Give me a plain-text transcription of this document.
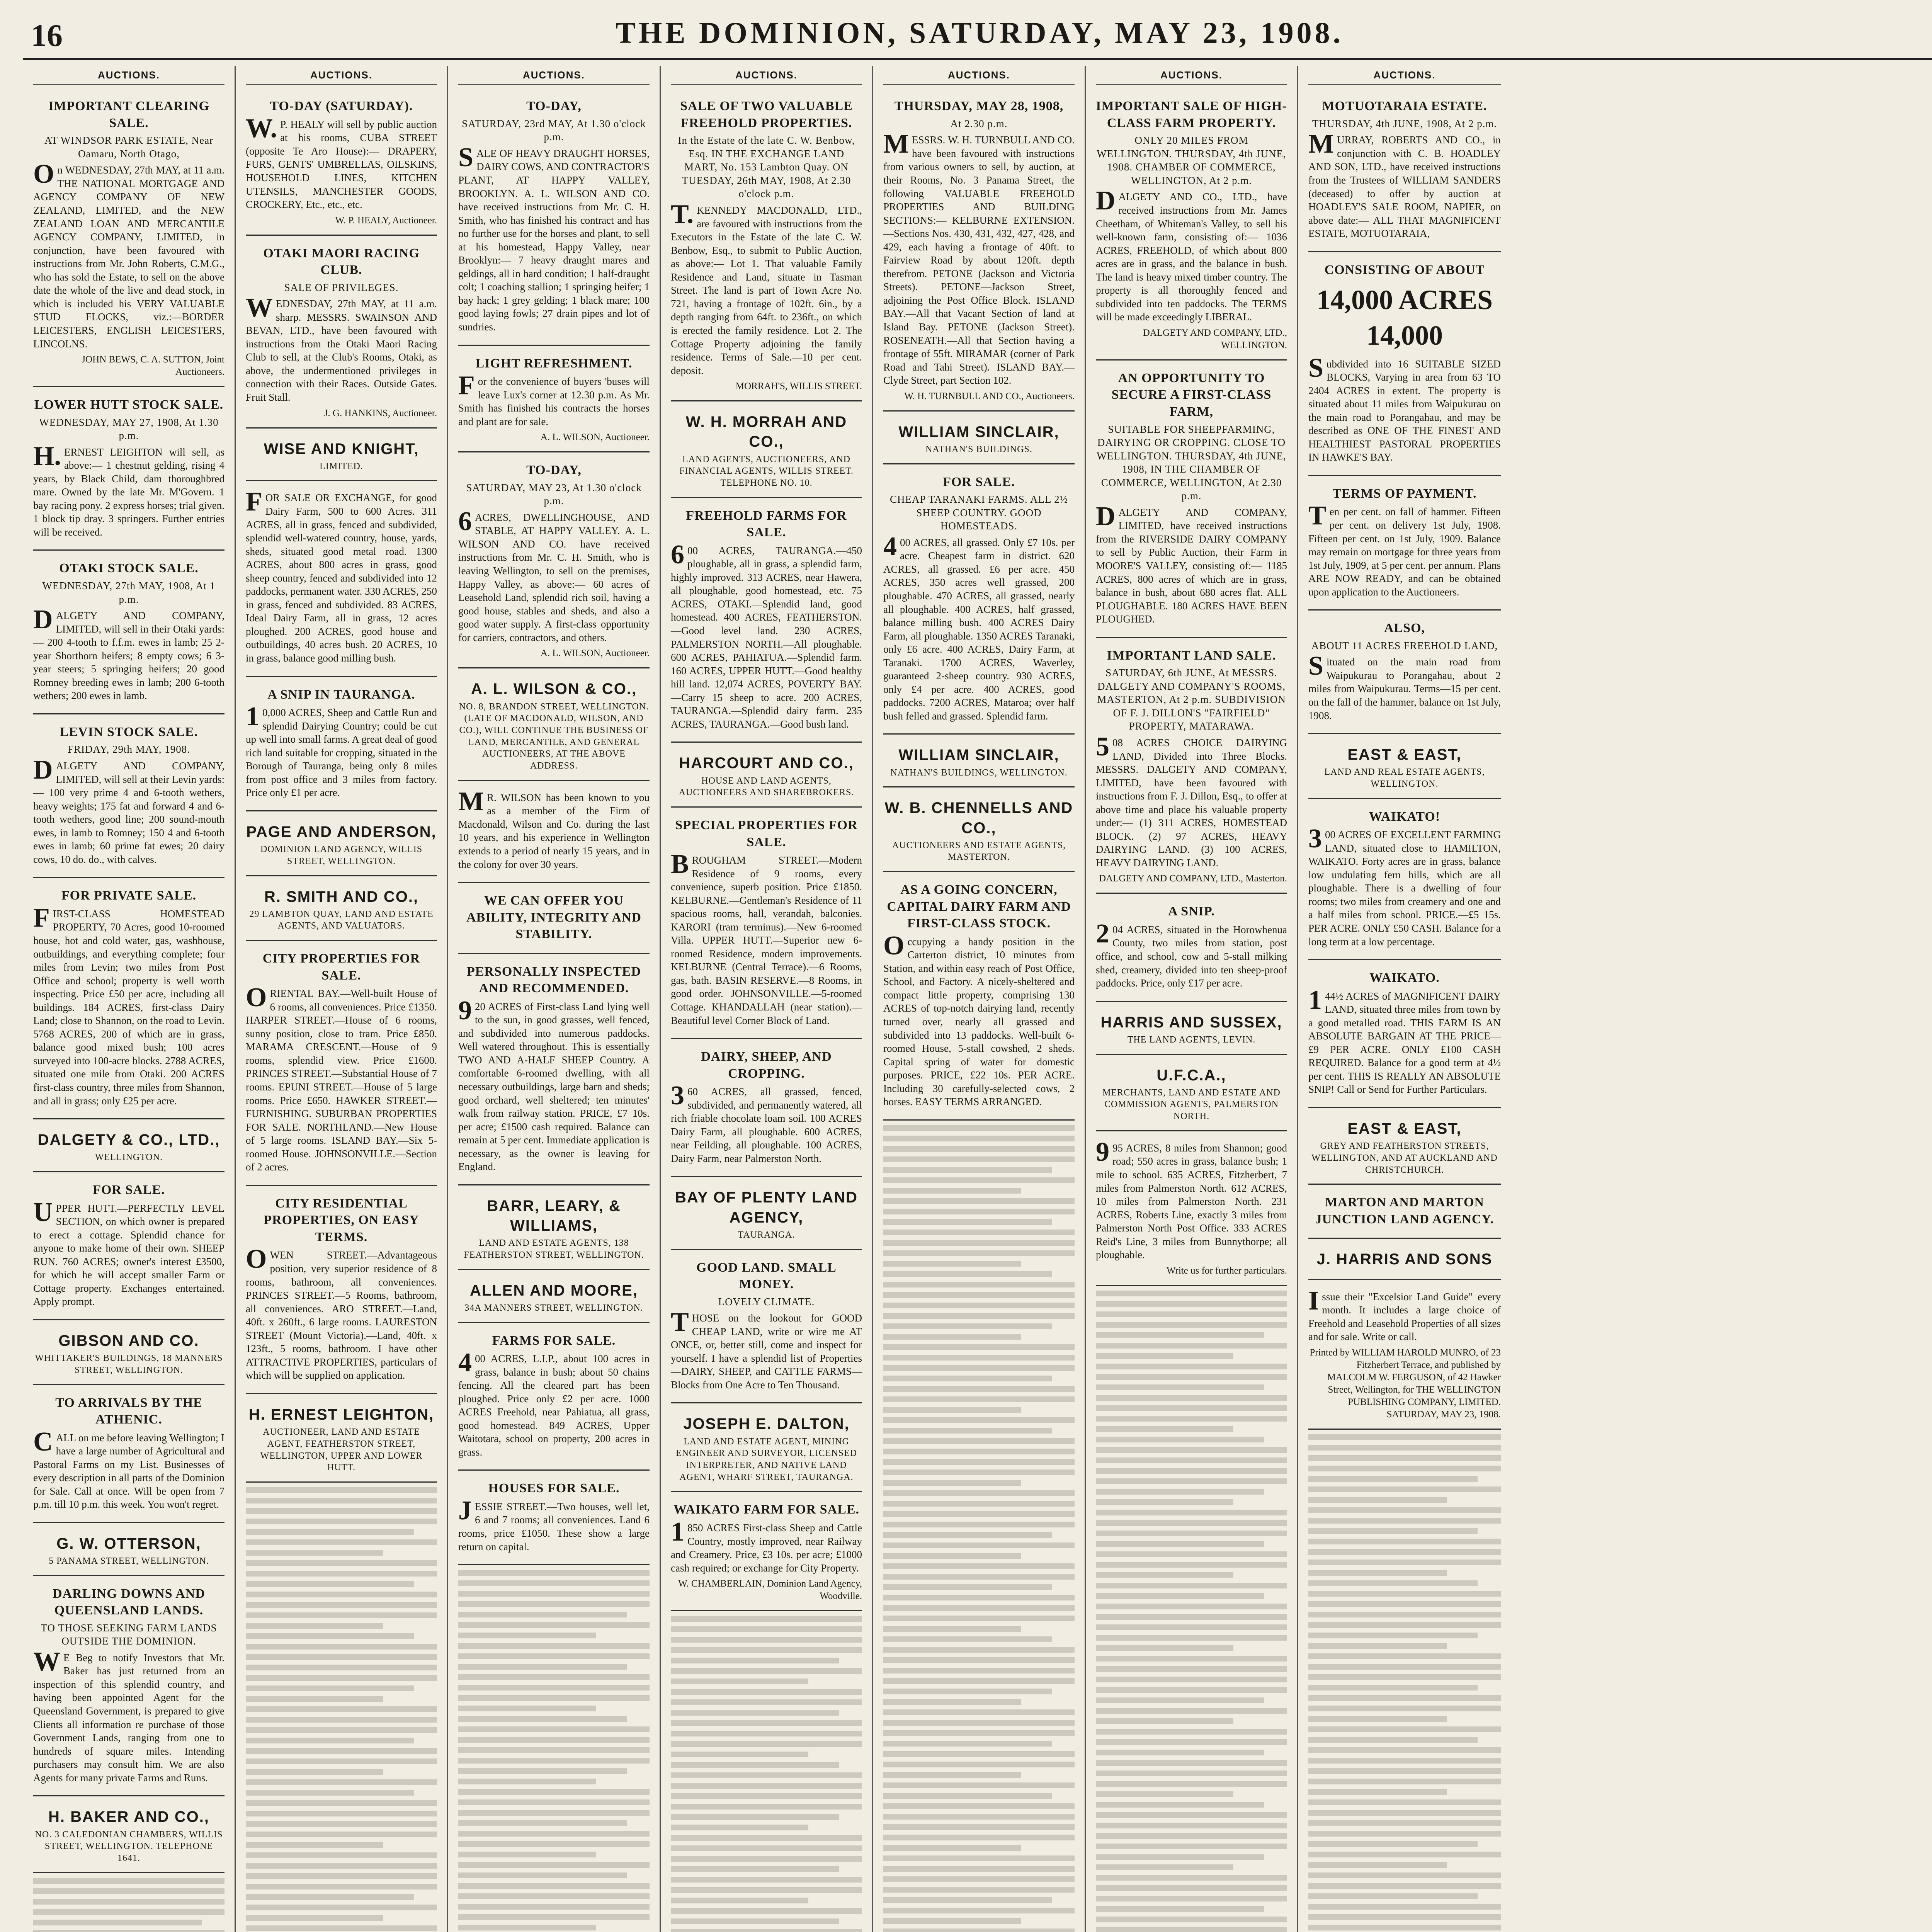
16	THE DOMINION, SATURDAY, MAY 23, 1908.
AUCTIONS.
IMPORTANT CLEARING SALE.
AT WINDSOR PARK ESTATE, Near Oamaru, North Otago,

On WEDNESDAY, 27th MAY, at 11 a.m. THE NATIONAL MORTGAGE AND AGENCY COMPANY OF NEW ZEALAND, LIMITED, and the NEW ZEALAND LOAN AND MERCANTILE AGENCY COMPANY, LIMITED, in conjunction, have been favoured with instructions from Mr. John Roberts, C.M.G., who has sold the Estate, to sell on the above date the whole of the live and dead stock, in which is included his VERY VALUABLE STUD FLOCKS, viz.:—BORDER LEICESTERS, ENGLISH LEICESTERS, LINCOLNS.

JOHN BEWS, C. A. SUTTON, Joint Auctioneers.
LOWER HUTT STOCK SALE.
WEDNESDAY, MAY 27, 1908, At 1.30 p.m.

H.ERNEST LEIGHTON will sell, as above:— 1 chestnut gelding, rising 4 years, by Black Child, dam thoroughbred mare. Owned by the late Mr. M'Govern. 1 bay racing pony. 2 express horses; trial given. 1 block tip dray. 3 springers. Further entries will be received.

OTAKI STOCK SALE.
WEDNESDAY, 27th MAY, 1908, At 1 p.m.

DALGETY AND COMPANY, LIMITED, will sell in their Otaki yards:— 200 4-tooth to f.f.m. ewes in lamb; 25 2-year Shorthorn heifers; 8 empty cows; 6 3-year steers; 5 springing heifers; 20 good Romney breeding ewes in lamb; 200 6-tooth wethers; 200 ewes in lamb.

LEVIN STOCK SALE.
FRIDAY, 29th MAY, 1908.

DALGETY AND COMPANY, LIMITED, will sell at their Levin yards:— 100 very prime 4 and 6-tooth wethers, heavy weights; 175 fat and forward 4 and 6-tooth wethers, good line; 200 sound-mouth ewes, in lamb to Romney; 150 4 and 6-tooth ewes in lamb; 60 prime fat ewes; 20 dairy cows, 10 do. do., with calves.

FOR PRIVATE SALE.

FIRST-CLASS HOMESTEAD PROPERTY, 70 Acres, good 10-roomed house, hot and cold water, gas, washhouse, outbuildings, and everything complete; four miles from Levin; two miles from Post Office and school; property is well worth inspecting. Price £50 per acre, including all buildings. 184 ACRES, first-class Dairy Land; close to Shannon, on the road to Levin. 5768 ACRES, 200 of which are in grass, balance good mixed bush; 100 acres surveyed into 100-acre blocks. 2788 ACRES, situated one mile from Otaki. 200 ACRES first-class country, three miles from Shannon, and all in grass; only £25 per acre.

DALGETY & CO., LTD.,
WELLINGTON.
FOR SALE.

UPPER HUTT.—PERFECTLY LEVEL SECTION, on which owner is prepared to erect a cottage. Splendid chance for anyone to make home of their own. SHEEP RUN. 760 ACRES; owner's interest £3500, for which he will accept smaller Farm or Cottage property. Exchanges entertained. Apply prompt.

GIBSON AND CO.
WHITTAKER'S BUILDINGS, 18 MANNERS STREET, WELLINGTON.
TO ARRIVALS BY THE ATHENIC.

CALL on me before leaving Wellington; I have a large number of Agricultural and Pastoral Farms on my List. Businesses of every description in all parts of the Dominion for Sale. Call at once. Will be open from 7 p.m. till 10 p.m. this week. You won't regret.

G. W. OTTERSON,
5 PANAMA STREET, WELLINGTON.
DARLING DOWNS AND QUEENSLAND LANDS.
TO THOSE SEEKING FARM LANDS OUTSIDE THE DOMINION.

WE Beg to notify Investors that Mr. Baker has just returned from an inspection of this splendid country, and having been appointed Agent for the Queensland Government, is prepared to give Clients all information re purchase of those Government Lands, ranging from one to hundreds of square miles. Intending purchasers may consult him. We are also Agents for many private Farms and Runs.

H. BAKER AND CO.,
NO. 3 CALEDONIAN CHAMBERS, WILLIS STREET, WELLINGTON. TELEPHONE 1641.
AUCTIONS.
TO-DAY (SATURDAY).

W.P. HEALY will sell by public auction at his rooms, CUBA STREET (opposite Te Aro House):— DRAPERY, FURS, GENTS' UMBRELLAS, OILSKINS, HOUSEHOLD LINES, KITCHEN UTENSILS, MANCHESTER GOODS, CROCKERY, Etc., etc., etc.

W. P. HEALY, Auctioneer.
OTAKI MAORI RACING CLUB.
SALE OF PRIVILEGES.

WEDNESDAY, 27th MAY, at 11 a.m. sharp. MESSRS. SWAINSON AND BEVAN, LTD., have been favoured with instructions from the Otaki Maori Racing Club to sell, at the Club's Rooms, Otaki, as above, the undermentioned privileges in connection with their Races. Outside Gates. Fruit Stall.

J. G. HANKINS, Auctioneer.
WISE AND KNIGHT,
LIMITED.

FOR SALE OR EXCHANGE, for good Dairy Farm, 500 to 600 Acres. 311 ACRES, all in grass, fenced and subdivided, splendid well-watered country, house, yards, sheds, situated good metal road. 1300 ACRES, about 800 acres in grass, good sheep country, fenced and subdivided into 12 paddocks, permanent water. 330 ACRES, 250 in grass, fenced and subdivided. 83 ACRES, Ideal Dairy Farm, all in grass, 12 acres ploughed. 200 ACRES, good house and outbuildings, 40 acres bush. 20 ACRES, 10 in grass, balance good milling bush.

A SNIP IN TAURANGA.

10,000 ACRES, Sheep and Cattle Run and splendid Dairying Country; could be cut up well into small farms. A great deal of good rich land suitable for cropping, situated in the Borough of Tauranga, being only 8 miles from post office and 3 miles from factory. Price only £1 per acre.

PAGE AND ANDERSON,
DOMINION LAND AGENCY, WILLIS STREET, WELLINGTON.
R. SMITH AND CO.,
29 LAMBTON QUAY, LAND AND ESTATE AGENTS, AND VALUATORS.
CITY PROPERTIES FOR SALE.

ORIENTAL BAY.—Well-built House of 6 rooms, all conveniences. Price £1350. HARPER STREET.—House of 6 rooms, sunny position, close to tram. Price £850. MARAMA CRESCENT.—House of 9 rooms, splendid view. Price £1600. PRINCES STREET.—Substantial House of 7 rooms. EPUNI STREET.—House of 5 large rooms. Price £650. HAWKER STREET.—FURNISHING. SUBURBAN PROPERTIES FOR SALE. NORTHLAND.—New House of 5 large rooms. ISLAND BAY.—Six 5-roomed House. JOHNSONVILLE.—Section of 2 acres.

CITY RESIDENTIAL PROPERTIES, ON EASY TERMS.

OWEN STREET.—Advantageous position, very superior residence of 8 rooms, bathroom, all conveniences. PRINCES STREET.—5 Rooms, bathroom, all conveniences. ARO STREET.—Land, 40ft. x 260ft., 6 large rooms. LAURESTON STREET (Mount Victoria).—Land, 40ft. x 123ft., 5 rooms, bathroom. I have other ATTRACTIVE PROPERTIES, particulars of which will be supplied on application.

H. ERNEST LEIGHTON,
AUCTIONEER, LAND AND ESTATE AGENT, FEATHERSTON STREET, WELLINGTON, UPPER AND LOWER HUTT.
AUCTIONS.
TO-DAY,
SATURDAY, 23rd MAY, At 1.30 o'clock p.m.

SALE OF HEAVY DRAUGHT HORSES, DAIRY COWS, AND CONTRACTOR'S PLANT, AT HAPPY VALLEY, BROOKLYN. A. L. WILSON AND CO. have received instructions from Mr. C. H. Smith, who has finished his contract and has no further use for the horses and plant, to sell at his homestead, Happy Valley, near Brooklyn:— 7 heavy draught mares and geldings, all in hard condition; 1 half-draught colt; 1 coaching stallion; 1 springing heifer; 1 bay hack; 1 grey gelding; 1 black mare; 100 good laying fowls; 27 drain pipes and lot of sundries.

LIGHT REFRESHMENT.

For the convenience of buyers 'buses will leave Lux's corner at 12.30 p.m. As Mr. Smith has finished his contracts the horses and plant are for sale.

A. L. WILSON, Auctioneer.
TO-DAY,
SATURDAY, MAY 23, At 1.30 o'clock p.m.

6ACRES, DWELLINGHOUSE, AND STABLE, AT HAPPY VALLEY. A. L. WILSON AND CO. have received instructions from Mr. C. H. Smith, who is leaving Wellington, to sell on the premises, Happy Valley, as above:— 60 acres of Leasehold Land, splendid rich soil, having a good house, stables and sheds, and also a good water supply. A first-class opportunity for carriers, contractors, and others.

A. L. WILSON, Auctioneer.
A. L. WILSON & CO.,
NO. 8, BRANDON STREET, WELLINGTON. (LATE OF MACDONALD, WILSON, AND CO.), WILL CONTINUE THE BUSINESS OF LAND, MERCANTILE, AND GENERAL AUCTIONEERS, AT THE ABOVE ADDRESS.

MR. WILSON has been known to you as a member of the Firm of Macdonald, Wilson and Co. during the last 10 years, and his experience in Wellington extends to a period of nearly 15 years, and in the colony for over 30 years.

WE CAN OFFER YOU ABILITY, INTEGRITY AND STABILITY.
PERSONALLY INSPECTED AND RECOMMENDED.

920 ACRES of First-class Land lying well to the sun, in good grasses, well fenced, and subdivided into numerous paddocks. Well watered throughout. This is essentially TWO AND A-HALF SHEEP Country. A comfortable 6-roomed dwelling, with all necessary outbuildings, large barn and sheds; good orchard, well sheltered; ten minutes' walk from railway station. PRICE, £7 10s. per acre; £1500 cash required. Balance can remain at 5 per cent. Immediate application is necessary, as the owner is leaving for England.

BARR, LEARY, & WILLIAMS,
LAND AND ESTATE AGENTS, 138 FEATHERSTON STREET, WELLINGTON.
ALLEN AND MOORE,
34A MANNERS STREET, WELLINGTON.
FARMS FOR SALE.

400 ACRES, L.I.P., about 100 acres in grass, balance in bush; about 50 chains fencing. All the cleared part has been ploughed. Price only £2 per acre. 1000 ACRES Freehold, near Pahiatua, all grass, good homestead. 849 ACRES, Upper Waitotara, school on property, 200 acres in grass.

HOUSES FOR SALE.

JESSIE STREET.—Two houses, well let, 6 and 7 rooms; all conveniences. Land 6 rooms, price £1050. These show a large return on capital.

AUCTIONS.
SALE OF TWO VALUABLE FREEHOLD PROPERTIES.
In the Estate of the late C. W. Benbow, Esq. IN THE EXCHANGE LAND MART, No. 153 Lambton Quay. ON TUESDAY, 26th MAY, 1908, At 2.30 o'clock p.m.

T.KENNEDY MACDONALD, LTD., are favoured with instructions from the Executors in the Estate of the late C. W. Benbow, Esq., to submit to Public Auction, as above:— Lot 1. That valuable Family Residence and Land, situate in Tasman Street. The land is part of Town Acre No. 721, having a frontage of 102ft. 6in., by a depth ranging from 64ft. to 236ft., on which is erected the family residence. Lot 2. The Cottage Property adjoining the family residence. Terms of Sale.—10 per cent. deposit.

MORRAH'S, WILLIS STREET.
W. H. MORRAH AND CO.,
LAND AGENTS, AUCTIONEERS, AND FINANCIAL AGENTS, WILLIS STREET. TELEPHONE NO. 10.
FREEHOLD FARMS FOR SALE.

600 ACRES, TAURANGA.—450 ploughable, all in grass, a splendid farm, highly improved. 313 ACRES, near Hawera, all ploughable, good homestead, etc. 75 ACRES, OTAKI.—Splendid land, good homestead. 400 ACRES, FEATHERSTON.—Good level land. 230 ACRES, PALMERSTON NORTH.—All ploughable. 600 ACRES, PAHIATUA.—Splendid farm. 160 ACRES, UPPER HUTT.—Good healthy hill land. 12,074 ACRES, POVERTY BAY.—Carry 15 sheep to acre. 200 ACRES, TAURANGA.—Splendid dairy farm. 235 ACRES, TAURANGA.—Good bush land.

HARCOURT AND CO.,
HOUSE AND LAND AGENTS, AUCTIONEERS AND SHAREBROKERS.
SPECIAL PROPERTIES FOR SALE.

BROUGHAM STREET.—Modern Residence of 9 rooms, every convenience, superb position. Price £1850. KELBURNE.—Gentleman's Residence of 11 spacious rooms, hall, verandah, balconies. KARORI (tram terminus).—New 6-roomed Villa. UPPER HUTT.—Superior new 6-roomed Residence, modern improvements. KELBURNE (Central Terrace).—6 Rooms, gas, bath. BASIN RESERVE.—8 Rooms, in good order. JOHNSONVILLE.—5-roomed Cottage. KHANDALLAH (near station).—Beautiful level Corner Block of Land.

DAIRY, SHEEP, AND CROPPING.

360 ACRES, all grassed, fenced, subdivided, and permanently watered, all rich friable chocolate loam soil. 100 ACRES Dairy Farm, all ploughable. 600 ACRES, near Feilding, all ploughable. 100 ACRES, Dairy Farm, near Palmerston North.

BAY OF PLENTY LAND AGENCY,
TAURANGA.
GOOD LAND. SMALL MONEY.
LOVELY CLIMATE.

THOSE on the lookout for GOOD CHEAP LAND, write or wire me AT ONCE, or, better still, come and inspect for yourself. I have a splendid list of Properties—DAIRY, SHEEP, and CATTLE FARMS—Blocks from One Acre to Ten Thousand.

JOSEPH E. DALTON,
LAND AND ESTATE AGENT, MINING ENGINEER AND SURVEYOR, LICENSED INTERPRETER, AND NATIVE LAND AGENT, WHARF STREET, TAURANGA.
WAIKATO FARM FOR SALE.

1850 ACRES First-class Sheep and Cattle Country, mostly improved, near Railway and Creamery. Price, £3 10s. per acre; £1000 cash required; or exchange for City Property.

W. CHAMBERLAIN, Dominion Land Agency, Woodville.
AUCTIONS.
THURSDAY, MAY 28, 1908,
At 2.30 p.m.

MESSRS. W. H. TURNBULL AND CO. have been favoured with instructions from various owners to sell, by auction, at their Rooms, No. 3 Panama Street, the following VALUABLE FREEHOLD PROPERTIES AND BUILDING SECTIONS:— KELBURNE EXTENSION.—Sections Nos. 430, 431, 432, 427, 428, and 429, each having a frontage of 40ft. to Fairview Road by about 120ft. depth therefrom. PETONE (Jackson and Victoria Streets). PETONE—Jackson Street, adjoining the Post Office Block. ISLAND BAY.—All that Vacant Section of land at Island Bay. PETONE (Jackson Street). ROSENEATH.—All that Section having a frontage of 55ft. MIRAMAR (corner of Park Road and Tahi Street). ISLAND BAY.—Clyde Street, part Section 102.

W. H. TURNBULL AND CO., Auctioneers.
WILLIAM SINCLAIR,
NATHAN'S BUILDINGS.
FOR SALE.
CHEAP TARANAKI FARMS. ALL 2½ SHEEP COUNTRY. GOOD HOMESTEADS.

400 ACRES, all grassed. Only £7 10s. per acre. Cheapest farm in district. 620 ACRES, all grassed. £6 per acre. 450 ACRES, 350 acres well grassed, 200 ploughable. 470 ACRES, all grassed, nearly all ploughable. 400 ACRES, half grassed, balance milling bush. 400 ACRES Dairy Farm, all ploughable. 1350 ACRES Taranaki, only £6 acre. 400 ACRES, Dairy Farm, at Taranaki. 1700 ACRES, Waverley, guaranteed 2-sheep country. 930 ACRES, only £4 per acre. 400 ACRES, good paddocks. 7200 ACRES, Mataroa; over half bush felled and grassed. Splendid farm.

WILLIAM SINCLAIR,
NATHAN'S BUILDINGS, WELLINGTON.
W. B. CHENNELLS AND CO.,
AUCTIONEERS AND ESTATE AGENTS, MASTERTON.
AS A GOING CONCERN, CAPITAL DAIRY FARM AND FIRST-CLASS STOCK.

Occupying a handy position in the Carterton district, 10 minutes from Station, and within easy reach of Post Office, School, and Factory. A nicely-sheltered and compact little property, comprising 130 ACRES of top-notch dairying land, recently turned over, nearly all grassed and subdivided into 13 paddocks. Well-built 6-roomed House, 5-stall cowshed, 2 sheds. Capital spring of water for domestic purposes. PRICE, £22 10s. PER ACRE. Including 30 carefully-selected cows, 2 horses. EASY TERMS ARRANGED.

AUCTIONS.
IMPORTANT SALE OF HIGH-CLASS FARM PROPERTY.
ONLY 20 MILES FROM WELLINGTON. THURSDAY, 4th JUNE, 1908. CHAMBER OF COMMERCE, WELLINGTON, At 2 p.m.

DALGETY AND CO., LTD., have received instructions from Mr. James Cheetham, of Whiteman's Valley, to sell his well-known farm, consisting of:— 1036 ACRES, FREEHOLD, of which about 800 acres are in grass, and the balance in bush. The land is heavy mixed timber country. The property is all thoroughly fenced and subdivided into ten paddocks. The TERMS will be made exceedingly LIBERAL.

DALGETY AND COMPANY, LTD., WELLINGTON.
AN OPPORTUNITY TO SECURE A FIRST-CLASS FARM,
SUITABLE FOR SHEEPFARMING, DAIRYING OR CROPPING. CLOSE TO WELLINGTON. THURSDAY, 4th JUNE, 1908, IN THE CHAMBER OF COMMERCE, WELLINGTON, At 2.30 p.m.

DALGETY AND COMPANY, LIMITED, have received instructions from the RIVERSIDE DAIRY COMPANY to sell by Public Auction, their Farm in MOORE'S VALLEY, consisting of:— 1185 ACRES, 800 acres of which are in grass, balance in bush, about 680 acres flat. ALL PLOUGHABLE. 180 ACRES HAVE BEEN PLOUGHED.

IMPORTANT LAND SALE.
SATURDAY, 6th JUNE, At MESSRS. DALGETY AND COMPANY'S ROOMS, MASTERTON, At 2 p.m. SUBDIVISION OF F. J. DILLON'S "FAIRFIELD" PROPERTY, MATARAWA.

508 ACRES CHOICE DAIRYING LAND, Divided into Three Blocks. MESSRS. DALGETY AND COMPANY, LIMITED, have been favoured with instructions from F. J. Dillon, Esq., to offer at above time and place his valuable property under:— (1) 311 ACRES, HOMESTEAD BLOCK. (2) 97 ACRES, HEAVY DAIRYING LAND. (3) 100 ACRES, HEAVY DAIRYING LAND.

DALGETY AND COMPANY, LTD., Masterton.
A SNIP.

204 ACRES, situated in the Horowhenua County, two miles from station, post office, and school, cow and 5-stall milking shed, creamery, divided into ten sheep-proof paddocks. Price, only £17 per acre.

HARRIS AND SUSSEX,
THE LAND AGENTS, LEVIN.
U.F.C.A.,
MERCHANTS, LAND AND ESTATE AND COMMISSION AGENTS, PALMERSTON NORTH.

995 ACRES, 8 miles from Shannon; good road; 550 acres in grass, balance bush; 1 mile to school. 635 ACRES, Fitzherbert, 7 miles from Palmerston North. 612 ACRES, 10 miles from Palmerston North. 231 ACRES, Roberts Line, exactly 3 miles from Palmerston North Post Office. 333 ACRES Reid's Line, 3 miles from Bunnythorpe; all ploughable.

Write us for further particulars.
AUCTIONS.
MOTUOTARAIA ESTATE.
THURSDAY, 4th JUNE, 1908, At 2 p.m.

MURRAY, ROBERTS AND CO., in conjunction with C. B. HOADLEY AND SON, LTD., have received instructions from the Trustees of WILLIAM SANDERS (deceased) to offer by auction at HOADLEY'S SALE ROOM, NAPIER, on above date:— ALL THAT MAGNIFICENT ESTATE, MOTUOTARAIA,

CONSISTING OF ABOUT
14,000 ACRES 14,000

Subdivided into 16 SUITABLE SIZED BLOCKS, Varying in area from 63 TO 2404 ACRES in extent. The property is situated about 11 miles from Waipukurau on the main road to Porangahau, and may be described as ONE OF THE FINEST AND HEALTHIEST PASTORAL PROPERTIES IN HAWKE'S BAY.

TERMS OF PAYMENT.

Ten per cent. on fall of hammer. Fifteen per cent. on delivery 1st July, 1908. Fifteen per cent. on 1st July, 1909. Balance may remain on mortgage for three years from 1st July, 1909, at 5 per cent. per annum. Plans ARE NOW READY, and can be obtained upon application to the Auctioneers.

ALSO,
ABOUT 11 ACRES FREEHOLD LAND,

Situated on the main road from Waipukurau to Porangahau, about 2 miles from Waipukurau. Terms—15 per cent. on the fall of the hammer, balance on 1st July, 1908.

EAST & EAST,
LAND AND REAL ESTATE AGENTS, WELLINGTON.
WAIKATO!

300 ACRES OF EXCELLENT FARMING LAND, situated close to HAMILTON, WAIKATO. Forty acres are in grass, balance low undulating fern hills, which are all ploughable. There is a dwelling of four rooms; two miles from creamery and one and a half miles from school. PRICE.—£5 15s. PER ACRE. ONLY £50 CASH. Balance for a long term at a low percentage.

WAIKATO.

144½ ACRES of MAGNIFICENT DAIRY LAND, situated three miles from town by a good metalled road. THIS FARM IS AN ABSOLUTE BARGAIN AT THE PRICE— £9 PER ACRE. ONLY £100 CASH REQUIRED. Balance for a good term at 4½ per cent. THIS IS REALLY AN ABSOLUTE SNIP! Call or Send for Further Particulars.

EAST & EAST,
GREY AND FEATHERSTON STREETS, WELLINGTON, AND AT AUCKLAND AND CHRISTCHURCH.
MARTON AND MARTON JUNCTION LAND AGENCY.
J. HARRIS AND SONS

Issue their "Excelsior Land Guide" every month. It includes a large choice of Freehold and Leasehold Properties of all sizes and for sale. Write or call.

Printed by WILLIAM HAROLD MUNRO, of 23 Fitzherbert Terrace, and published by MALCOLM W. FERGUSON, of 42 Hawker Street, Wellington, for THE WELLINGTON PUBLISHING COMPANY, LIMITED. SATURDAY, MAY 23, 1908.
